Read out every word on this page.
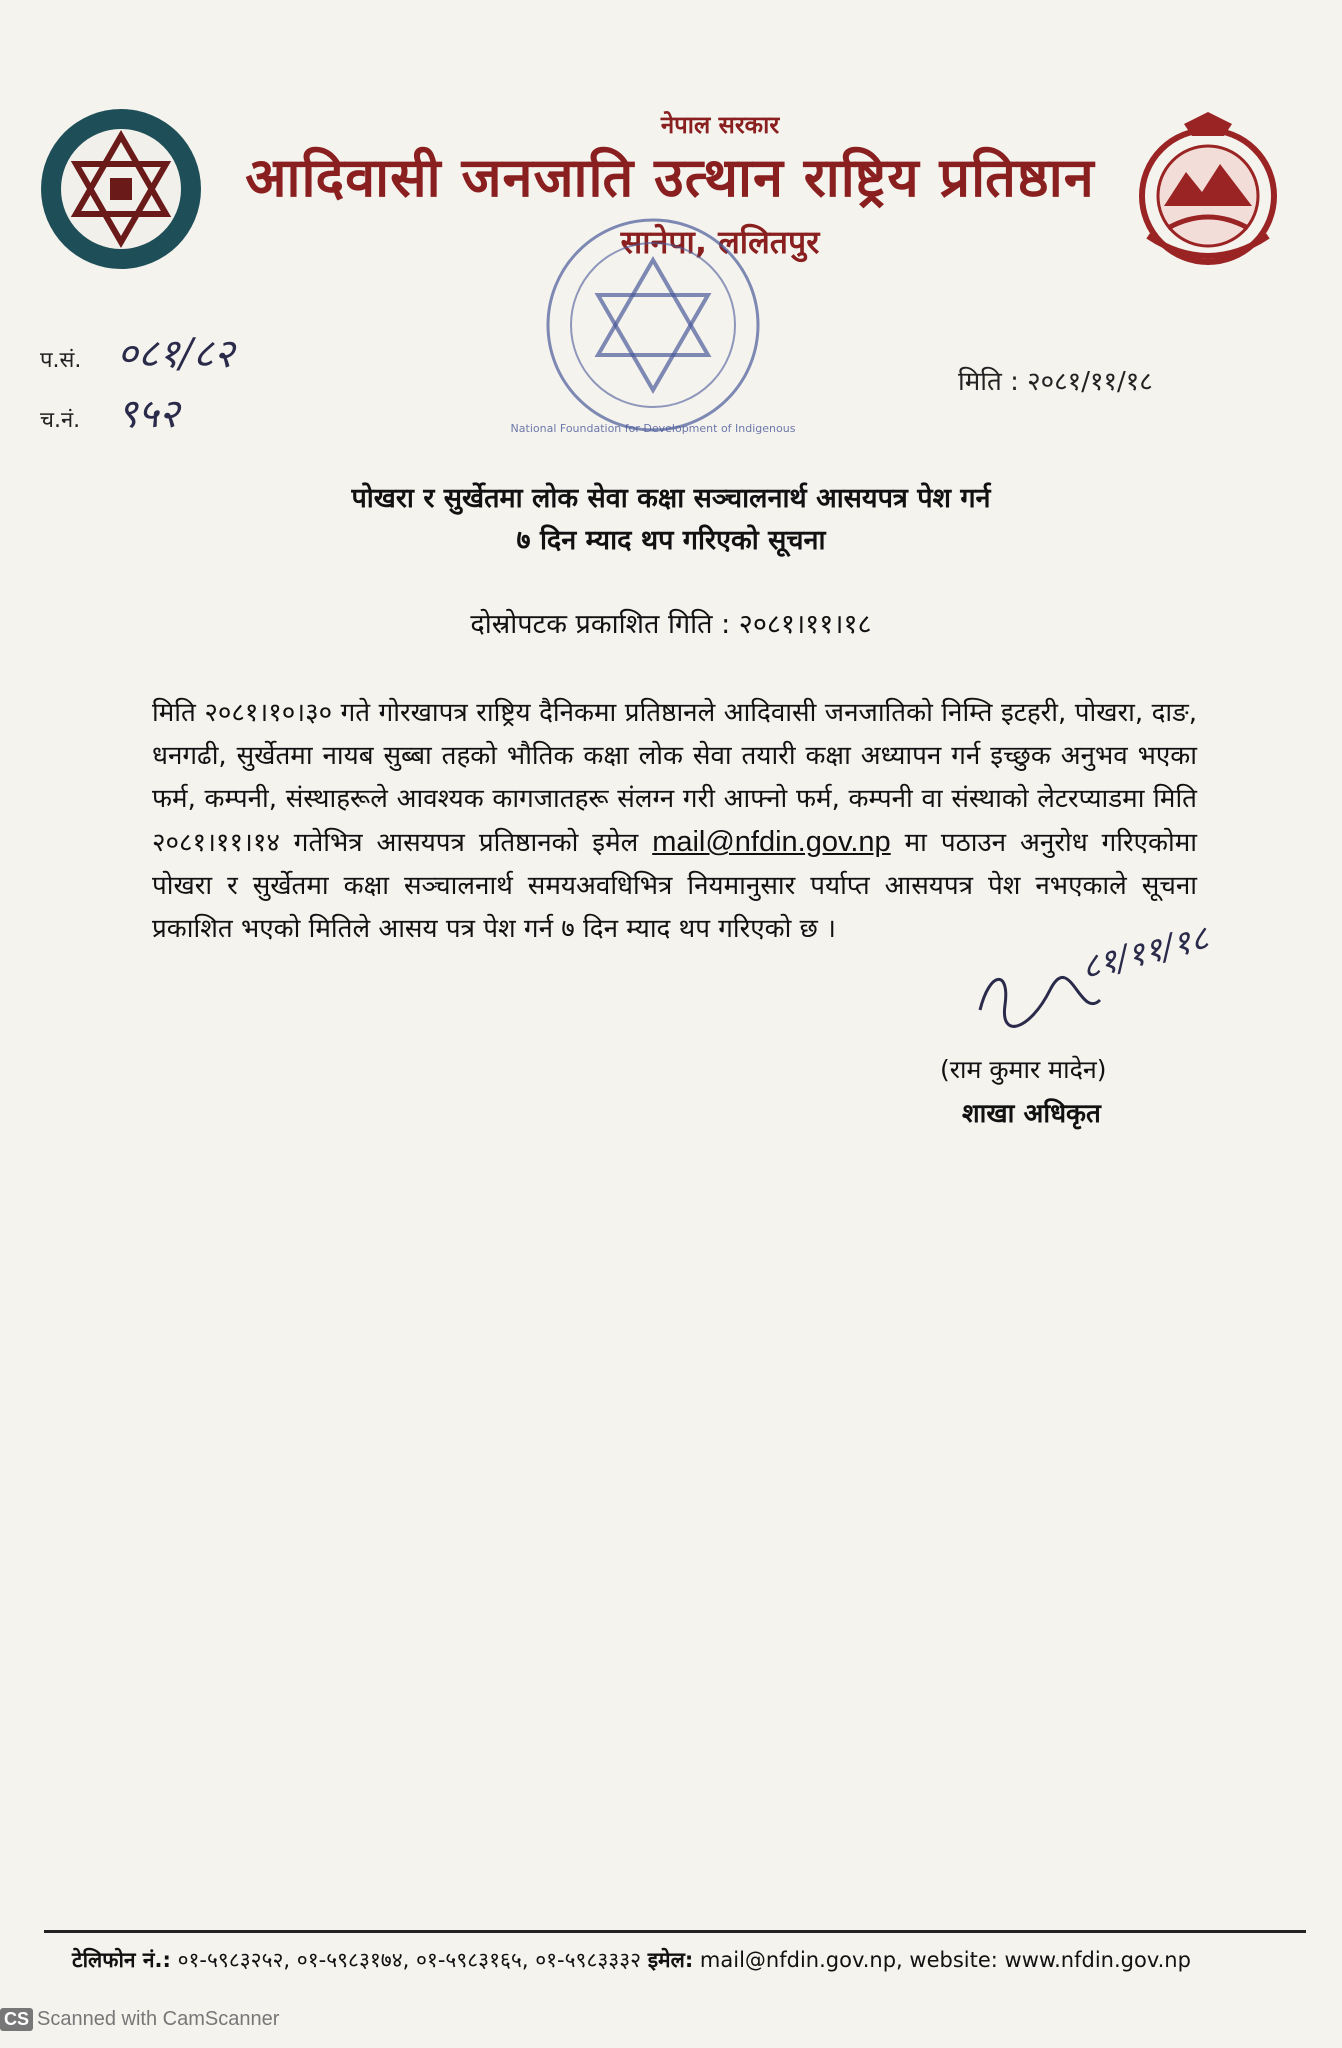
नेपाल सरकार
आदिवासी जनजाति उत्थान राष्ट्रिय प्रतिष्ठान
सानेपा, ललितपुर
National Foundation for Development of Indigenous
प.सं. ०८१/८२
च.नं. ९५२
मिति : २०८१/११/१८
पोखरा र सुर्खेतमा लोक सेवा कक्षा सञ्चालनार्थ आसयपत्र पेश गर्न
७ दिन म्याद थप गरिएको सूचना
दोस्रोपटक प्रकाशित गिति : २०८१।११।१८
मिति २०८१।१०।३० गते गोरखापत्र राष्ट्रिय दैनिकमा प्रतिष्ठानले आदिवासी जनजातिको निम्ति इटहरी, पोखरा, दाङ, धनगढी, सुर्खेतमा नायब सुब्बा तहको भौतिक कक्षा लोक सेवा तयारी कक्षा अध्यापन गर्न इच्छुक अनुभव भएका फर्म, कम्पनी, संस्थाहरूले आवश्यक कागजातहरू संलग्न गरी आफ्नो फर्म, कम्पनी वा संस्थाको लेटरप्याडमा मिति २०८१।११।१४ गतेभित्र आसयपत्र प्रतिष्ठानको इमेल mail@nfdin.gov.np मा पठाउन अनुरोध गरिएकोमा पोखरा र सुर्खेतमा कक्षा सञ्चालनार्थ समयअवधिभित्र नियमानुसार पर्याप्त आसयपत्र पेश नभएकाले सूचना प्रकाशित भएको मितिले आसय पत्र पेश गर्न ७ दिन म्याद थप गरिएको छ ।	८१/११/१८
(राम कुमार मादेन)
शाखा अधिकृत
टेलिफोन नं.: ०१-५९८३२५२, ०१-५९८३१७४, ०१-५९८३१६५, ०१-५९८३३३२ इमेल: mail@nfdin.gov.np, website: www.nfdin.gov.np
CS Scanned with CamScanner
